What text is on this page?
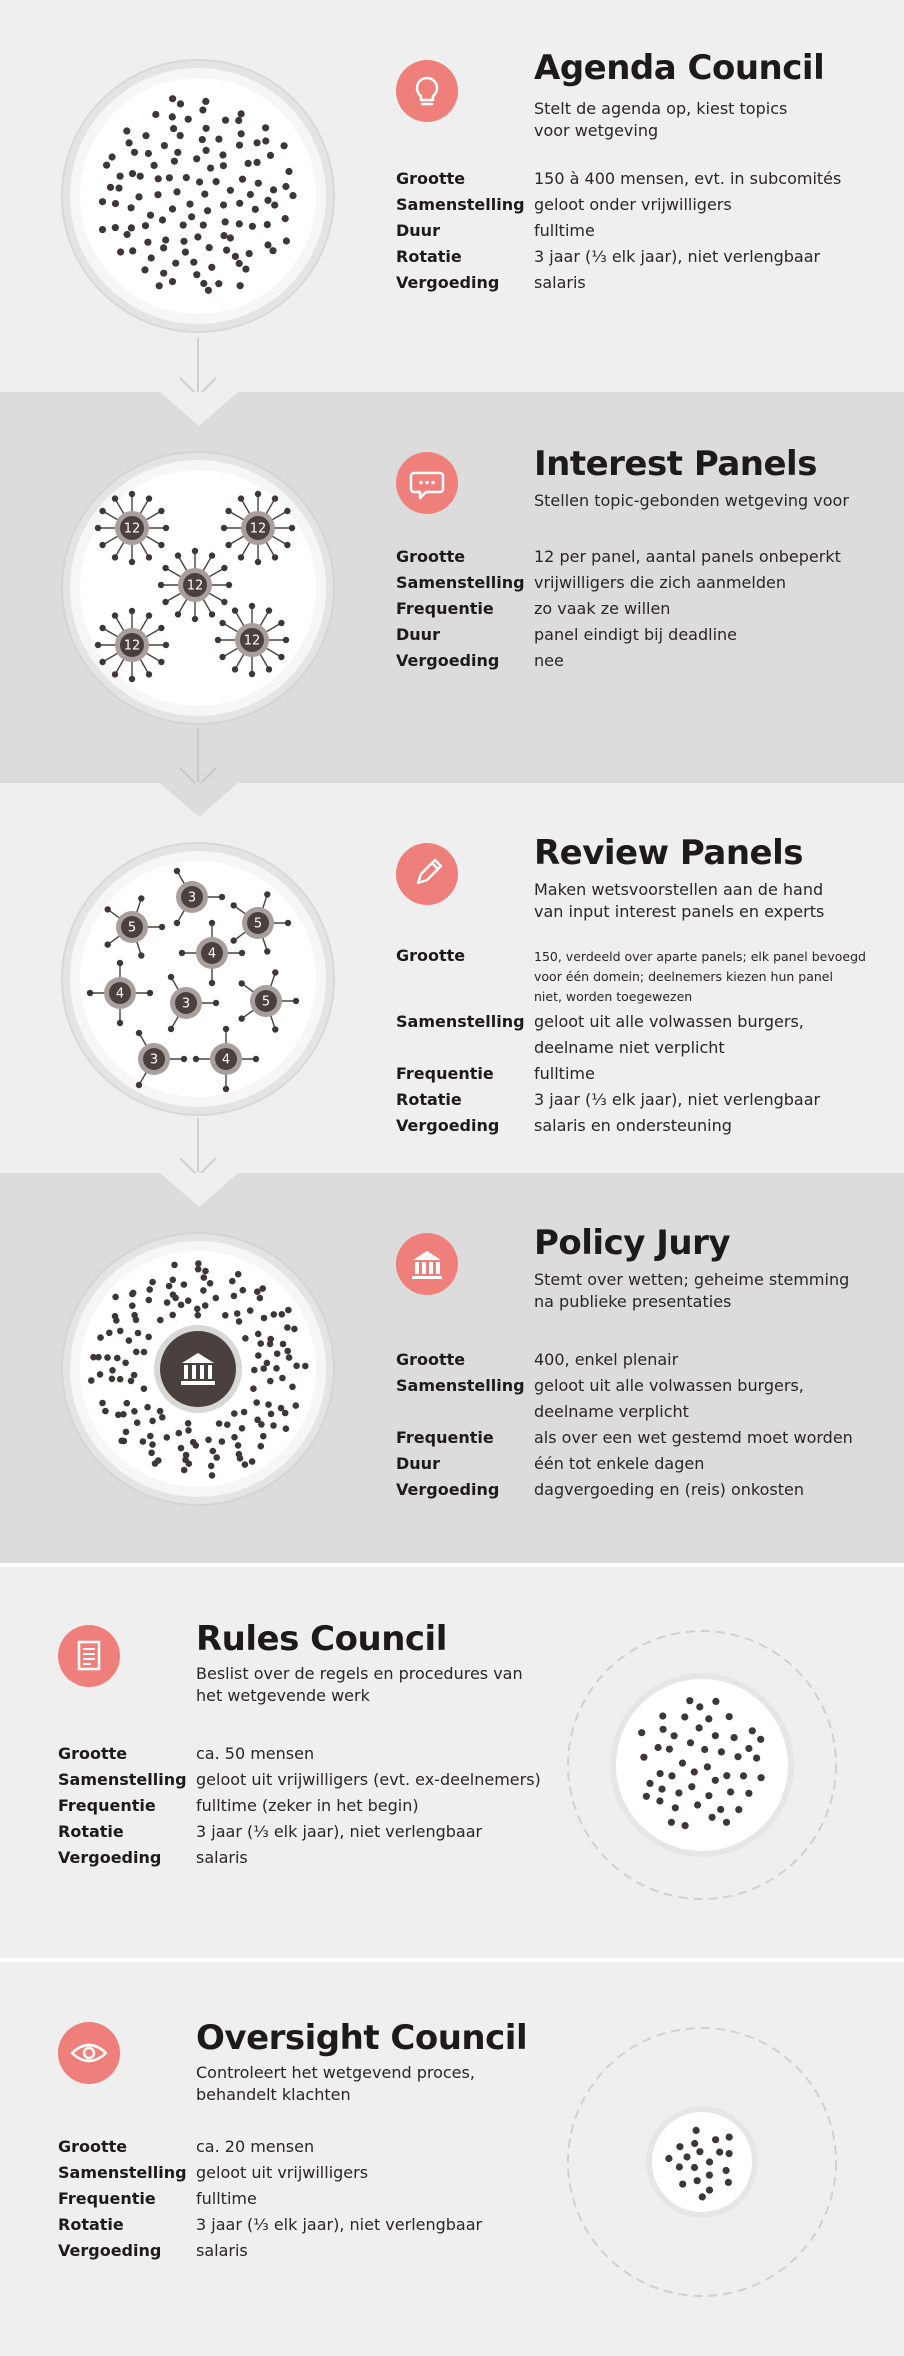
Agenda Council
Stelt de agenda op, kiest topics
voor wetgeving
Grootte	150 à 400 mensen, evt. in subcomités
Samenstelling geloot onder vrijwilligers
Duur	fulltime
Rotatie	3 jaar (⅓ elk jaar), niet verlengbaar
Vergoeding	salaris
12	12
12
12	12
Interest Panels
Stellen topic-gebonden wetgeving voor
Grootte	12 per panel, aantal panels onbeperkt
Samenstelling vrijwilligers die zich aanmelden
Frequentie	zo vaak ze willen
Duur	panel eindigt bij deadline
Vergoeding	nee
3
5	5
4
4
3	5
3	4
Review Panels
Maken wetsvoorstellen aan de hand
van input interest panels en experts
Grootte	150, verdeeld over aparte panels; elk panel bevoegd
voor één domein; deelnemers kiezen hun panel
niet, worden toegewezen
Samenstelling geloot uit alle volwassen burgers,
deelname niet verplicht
Frequentie	fulltime
Rotatie	3 jaar (⅓ elk jaar), niet verlengbaar
Vergoeding	salaris en ondersteuning
Policy Jury
Stemt over wetten; geheime stemming
na publieke presentaties
Grootte	400, enkel plenair
Samenstelling geloot uit alle volwassen burgers,
deelname verplicht
Frequentie	als over een wet gestemd moet worden
Duur	één tot enkele dagen
Vergoeding	dagvergoeding en (reis) onkosten
Rules Council
Beslist over de regels en procedures van
het wetgevende werk
Grootte	ca. 50 mensen
Samenstelling geloot uit vrijwilligers (evt. ex-deelnemers)
Frequentie	fulltime (zeker in het begin)
Rotatie	3 jaar (⅓ elk jaar), niet verlengbaar
Vergoeding	salaris
Oversight Council
Controleert het wetgevend proces,
behandelt klachten
Grootte	ca. 20 mensen
Samenstelling geloot uit vrijwilligers
Frequentie	fulltime
Rotatie	3 jaar (⅓ elk jaar), niet verlengbaar
Vergoeding	salaris
